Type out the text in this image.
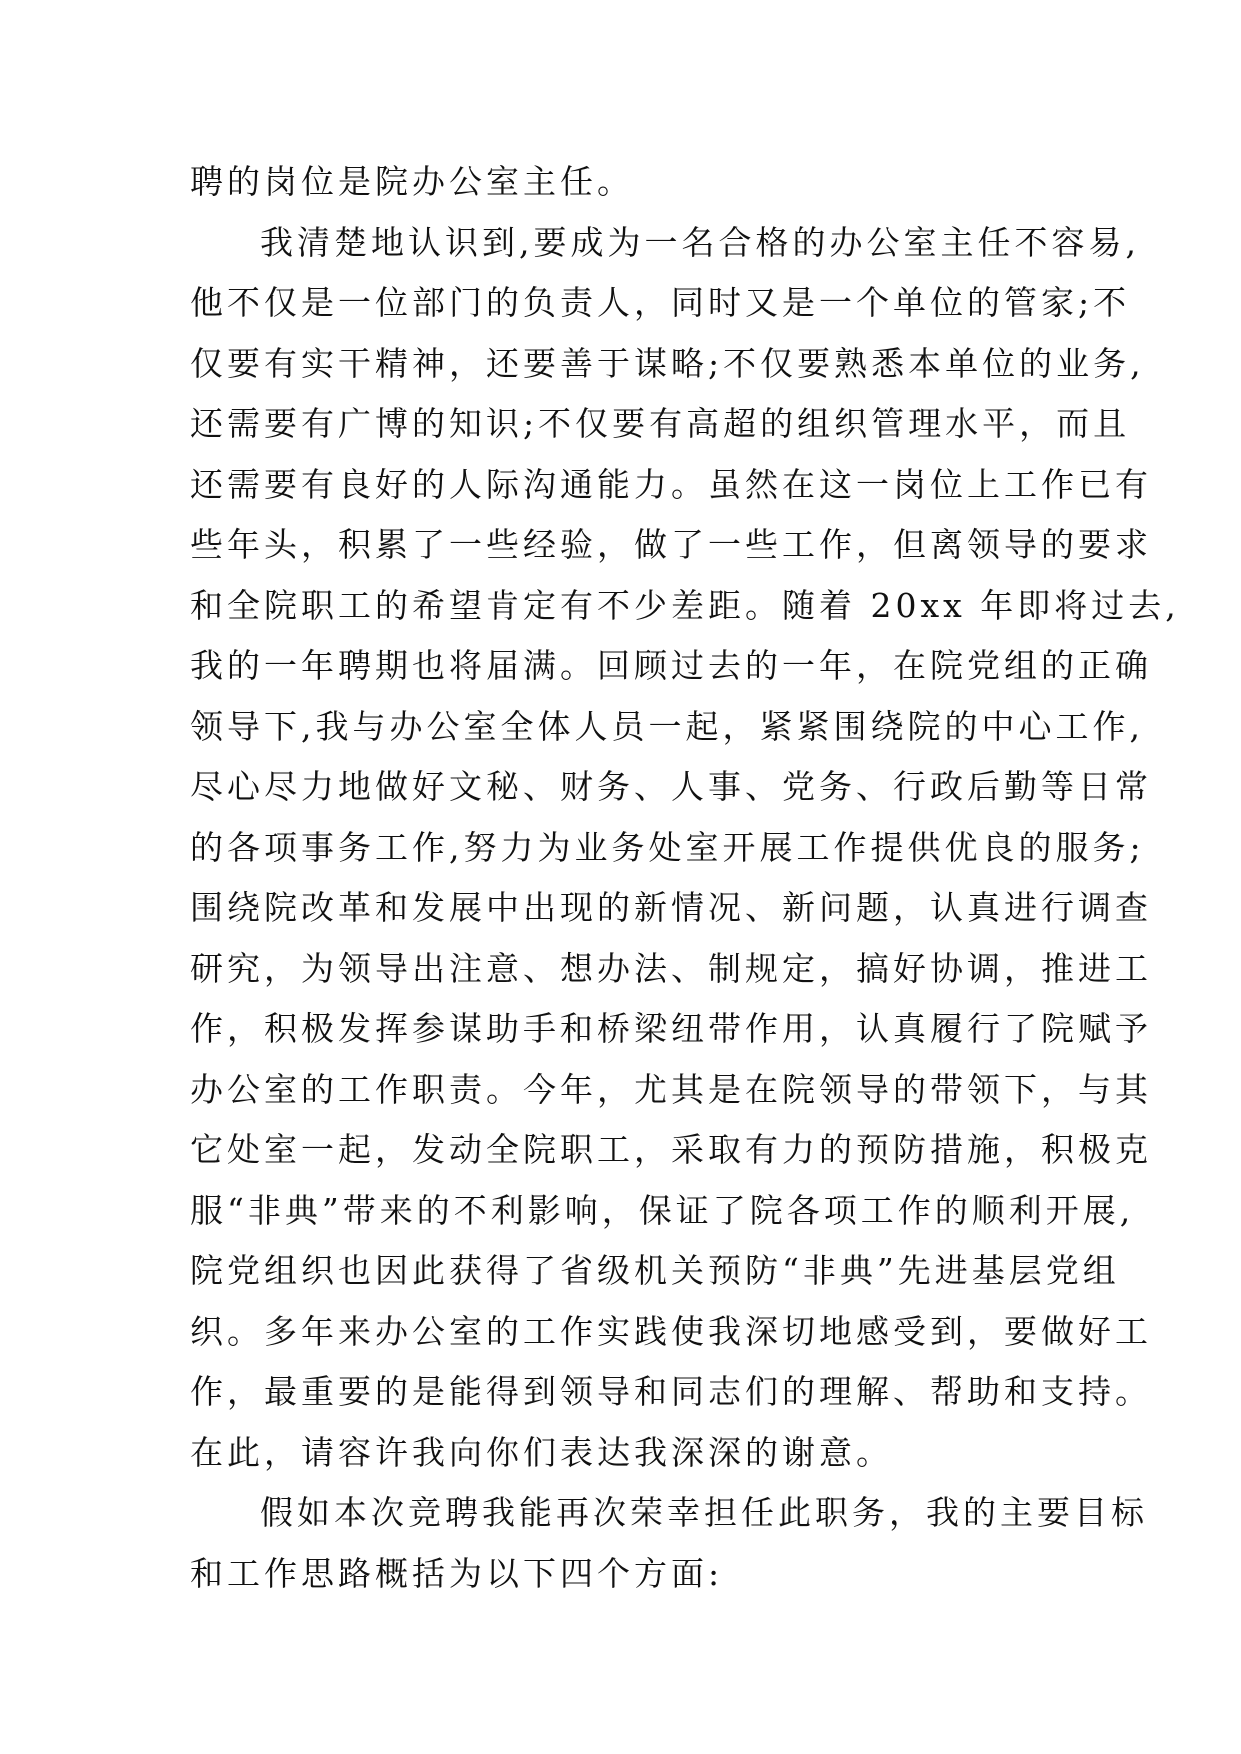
聘的岗位是院办公室主任。
我清楚地认识到,要成为一名合格的办公室主任不容易,
他不仅是一位部门的负责人，同时又是一个单位的管家;不
仅要有实干精神，还要善于谋略;不仅要熟悉本单位的业务,
还需要有广博的知识;不仅要有高超的组织管理水平，而且
还需要有良好的人际沟通能力。虽然在这一岗位上工作已有
些年头，积累了一些经验，做了一些工作，但离领导的要求
和全院职工的希望肯定有不少差距。随着 20xx 年即将过去,
我的一年聘期也将届满。回顾过去的一年，在院党组的正确
领导下,我与办公室全体人员一起，紧紧围绕院的中心工作,
尽心尽力地做好文秘、财务、人事、党务、行政后勤等日常
的各项事务工作,努力为业务处室开展工作提供优良的服务;
围绕院改革和发展中出现的新情况、新问题，认真进行调查
研究，为领导出注意、想办法、制规定，搞好协调，推进工
作，积极发挥参谋助手和桥梁纽带作用，认真履行了院赋予
办公室的工作职责。今年，尤其是在院领导的带领下，与其
它处室一起，发动全院职工，采取有力的预防措施，积极克
服“非典”带来的不利影响，保证了院各项工作的顺利开展,
院党组织也因此获得了省级机关预防“非典”先进基层党组
织。多年来办公室的工作实践使我深切地感受到，要做好工
作，最重要的是能得到领导和同志们的理解、帮助和支持。
在此，请容许我向你们表达我深深的谢意。
假如本次竞聘我能再次荣幸担任此职务，我的主要目标
和工作思路概括为以下四个方面:
